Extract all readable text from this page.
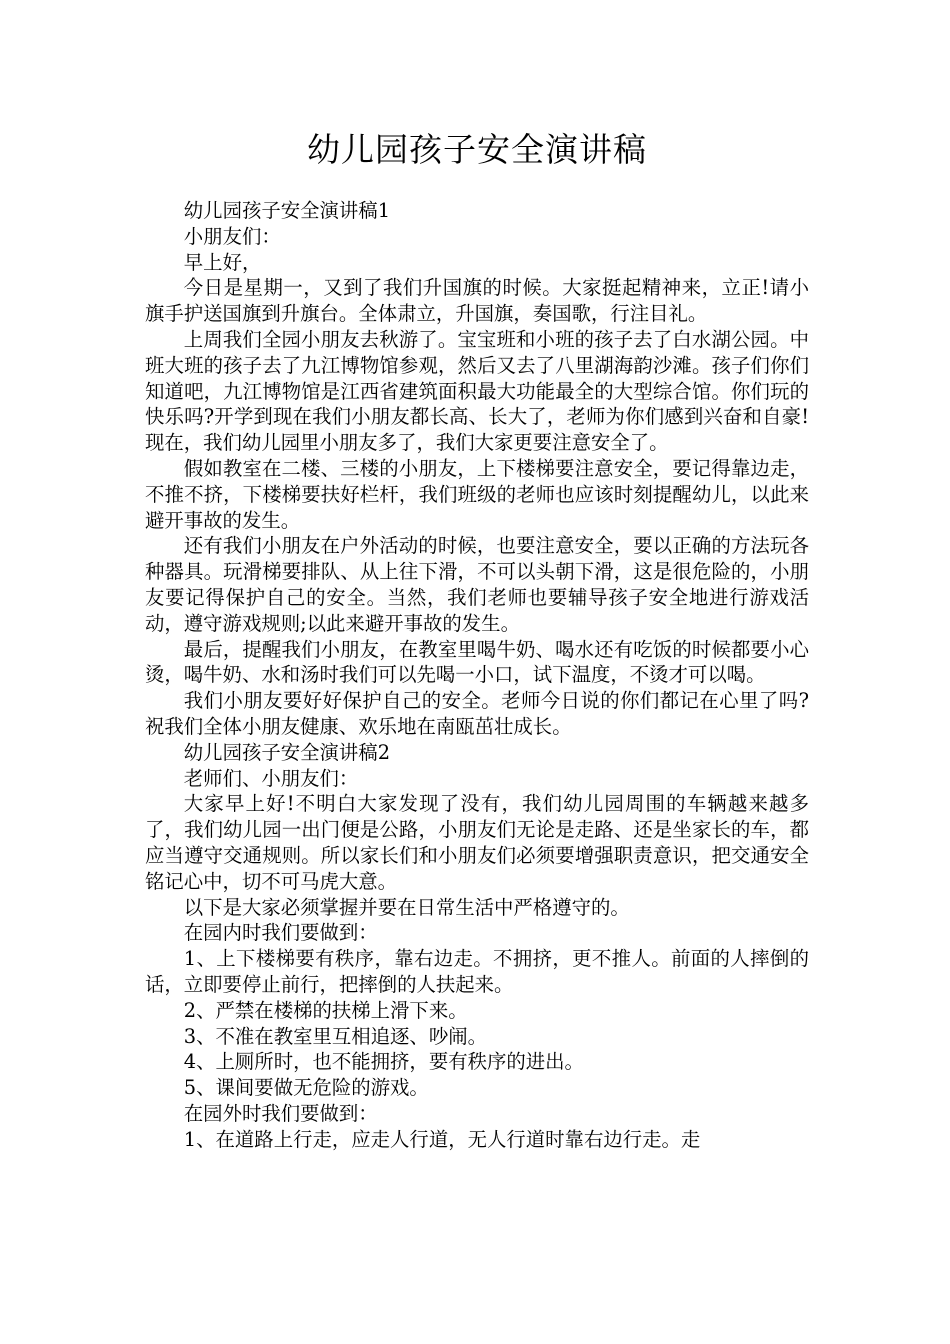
幼儿园孩子安全演讲稿

幼儿园孩子安全演讲稿1

小朋友们：

早上好，

今日是星期一，又到了我们升国旗的时候。大家挺起精神来，立正!请小旗手护送国旗到升旗台。全体肃立，升国旗，奏国歌，行注目礼。

上周我们全园小朋友去秋游了。宝宝班和小班的孩子去了白水湖公园。中班大班的孩子去了九江博物馆参观，然后又去了八里湖海韵沙滩。孩子们你们知道吧，九江博物馆是江西省建筑面积最大功能最全的大型综合馆。你们玩的快乐吗?开学到现在我们小朋友都长高、长大了，老师为你们感到兴奋和自豪!现在，我们幼儿园里小朋友多了，我们大家更要注意安全了。

假如教室在二楼、三楼的小朋友，上下楼梯要注意安全，要记得靠边走，不推不挤，下楼梯要扶好栏杆，我们班级的老师也应该时刻提醒幼儿，以此来避开事故的发生。

还有我们小朋友在户外活动的时候，也要注意安全，要以正确的方法玩各种器具。玩滑梯要排队、从上往下滑，不可以头朝下滑，这是很危险的，小朋友要记得保护自己的安全。当然，我们老师也要辅导孩子安全地进行游戏活动，遵守游戏规则;以此来避开事故的发生。

最后，提醒我们小朋友，在教室里喝牛奶、喝水还有吃饭的时候都要小心烫，喝牛奶、水和汤时我们可以先喝一小口，试下温度，不烫才可以喝。

我们小朋友要好好保护自己的安全。老师今日说的你们都记在心里了吗?祝我们全体小朋友健康、欢乐地在南瓯茁壮成长。

幼儿园孩子安全演讲稿2

老师们、小朋友们：

大家早上好!不明白大家发现了没有，我们幼儿园周围的车辆越来越多了，我们幼儿园一出门便是公路，小朋友们无论是走路、还是坐家长的车，都应当遵守交通规则。所以家长们和小朋友们必须要增强职责意识，把交通安全铭记心中，切不可马虎大意。

以下是大家必须掌握并要在日常生活中严格遵守的。

在园内时我们要做到：

1、上下楼梯要有秩序，靠右边走。不拥挤，更不推人。前面的人摔倒的话，立即要停止前行，把摔倒的人扶起来。

2、严禁在楼梯的扶梯上滑下来。

3、不准在教室里互相追逐、吵闹。

4、上厕所时，也不能拥挤，要有秩序的进出。

5、课间要做无危险的游戏。

在园外时我们要做到：

1、在道路上行走，应走人行道，无人行道时靠右边行走。走
